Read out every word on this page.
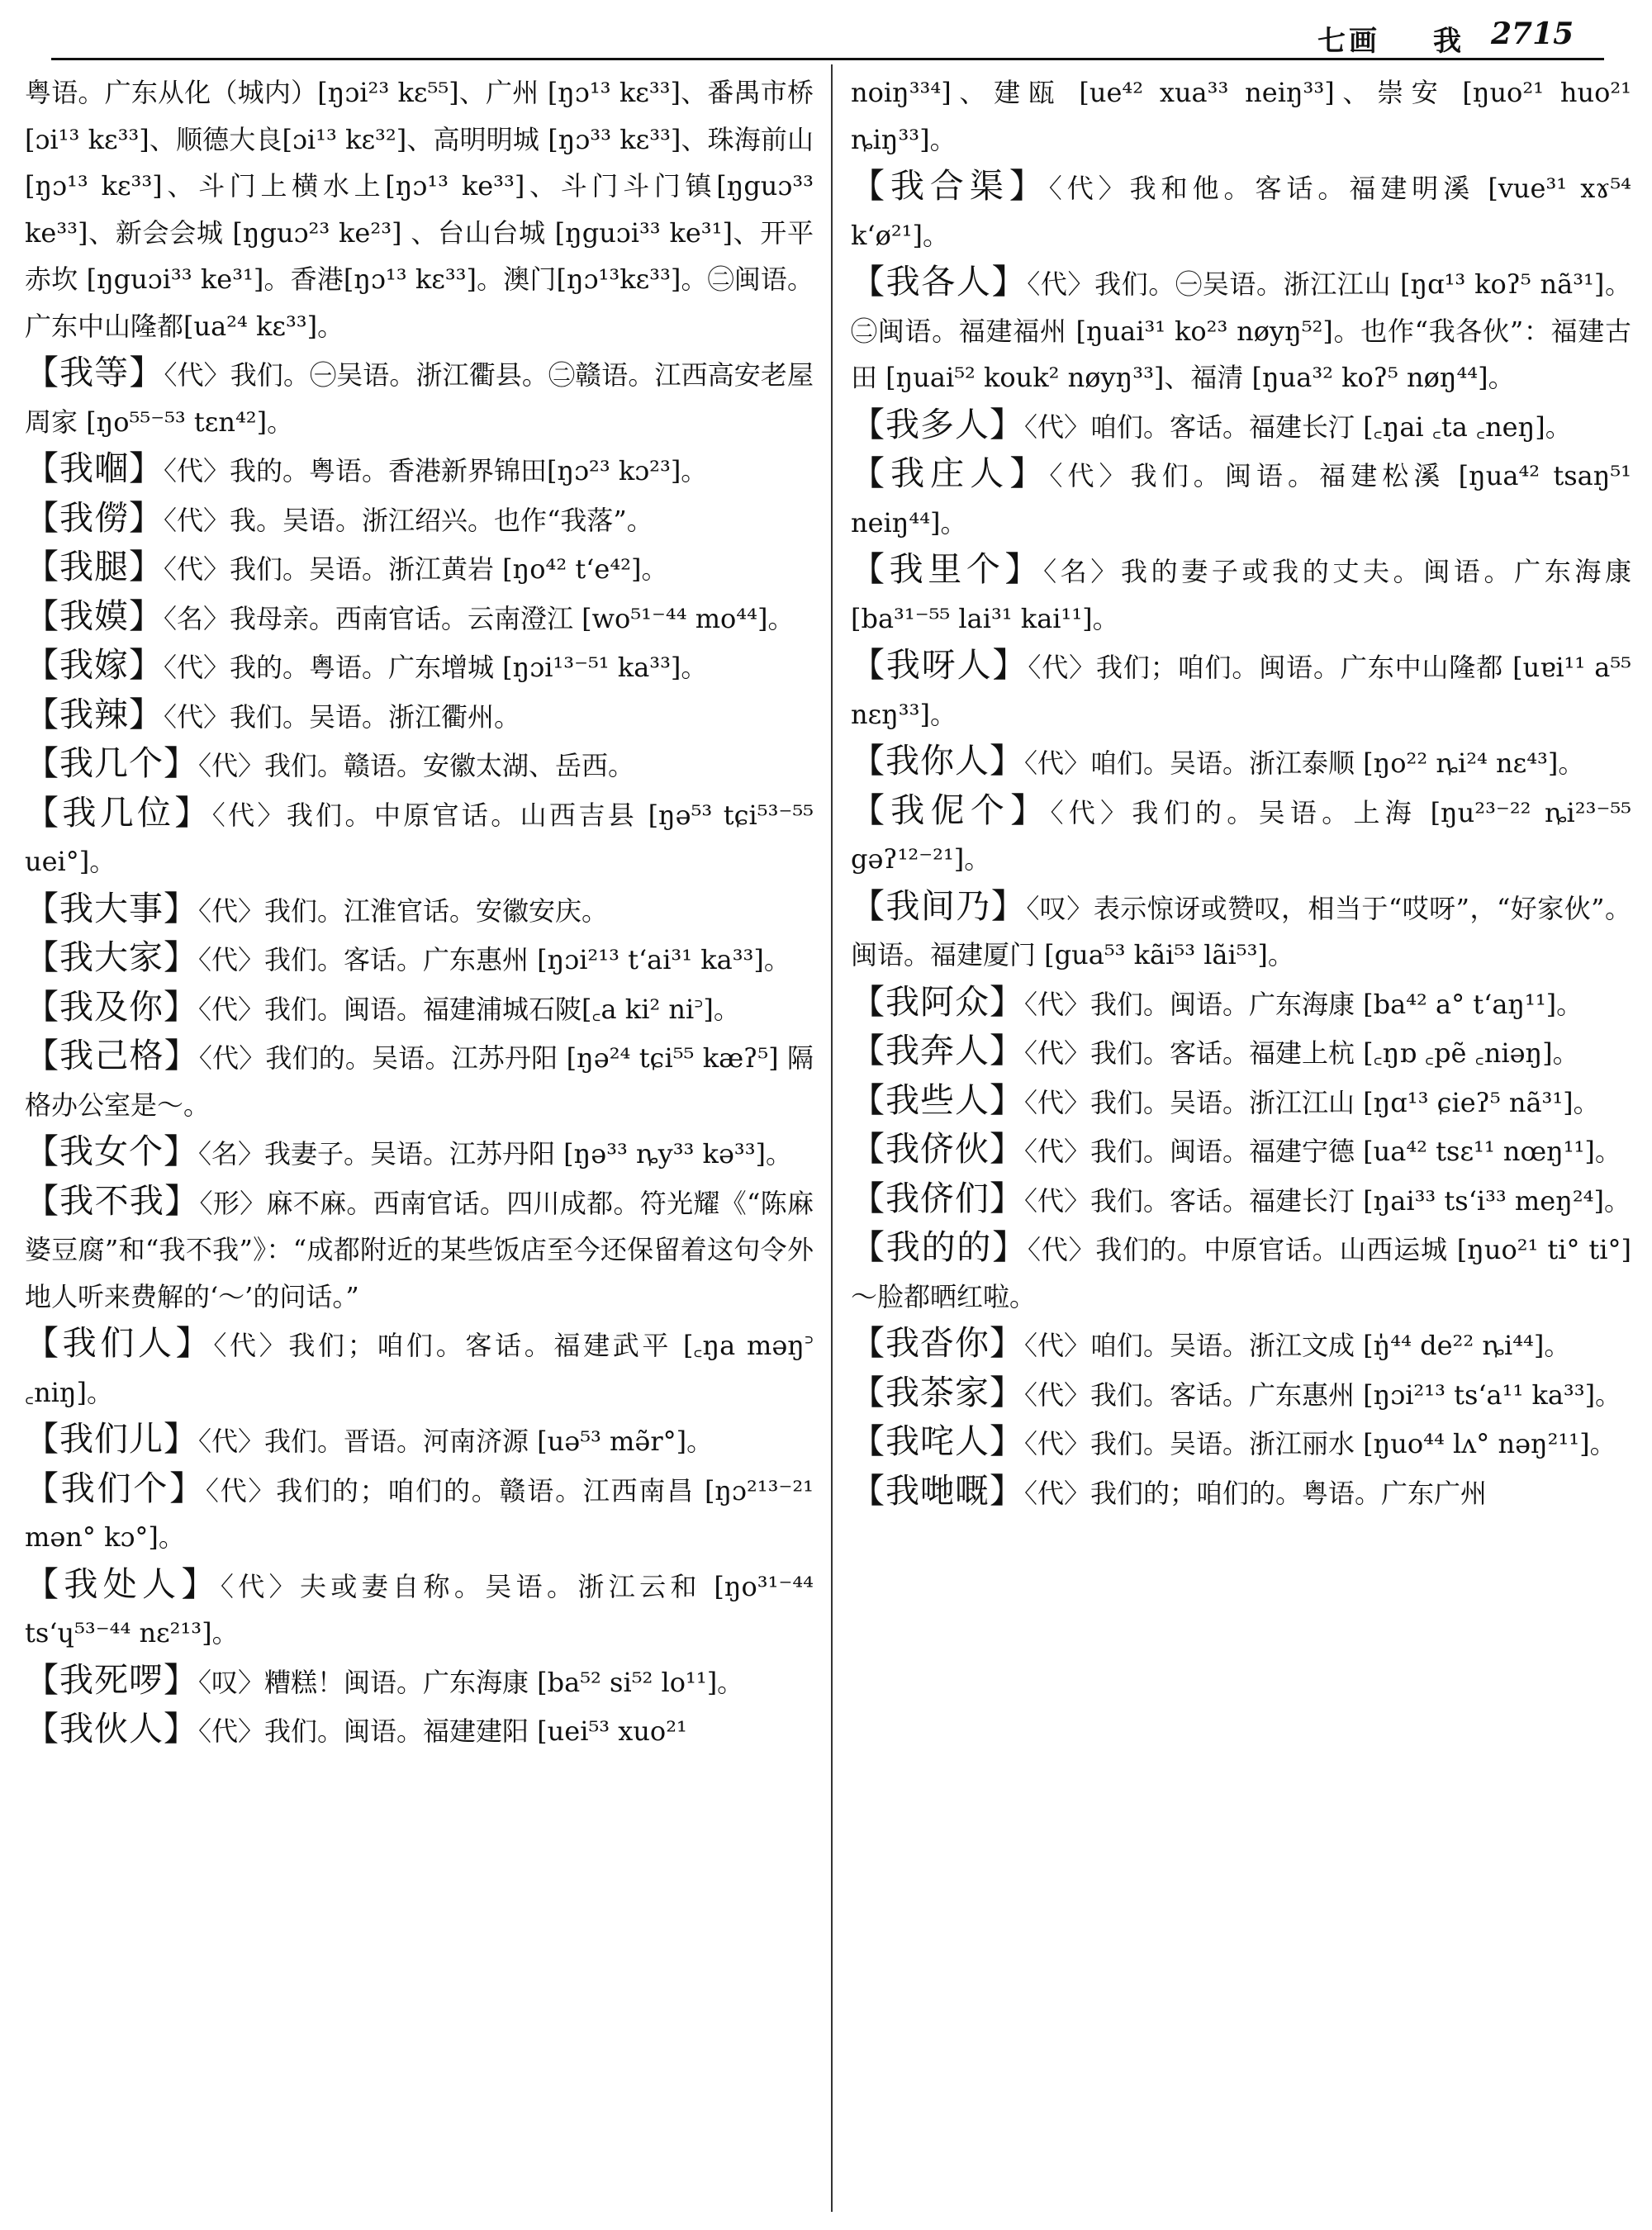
七画 我 2715

粤语。广东从化（城内）[ŋɔi²³ kɛ⁵⁵]、广州 [ŋɔ¹³ kɛ³³]、番禺市桥[ɔi¹³ kɛ³³]、顺德大良[ɔi¹³ kɛ³²]、高明明城 [ŋɔ³³ kɛ³³]、珠海前山 [ŋɔ¹³ kɛ³³]、斗门上横水上[ŋɔ¹³ ke³³]、斗门斗门镇[ŋguɔ³³ ke³³]、新会会城 [ŋguɔ²³ ke²³] 、台山台城 [ŋguɔi³³ ke³¹]、开平赤坎 [ŋguɔi³³ ke³¹]。香港[ŋɔ¹³ kɛ³³]。澳门[ŋɔ¹³kɛ³³]。㊁闽语。广东中山隆都[ua²⁴ kɛ³³]。

【我等】〈代〉我们。㊀吴语。浙江衢县。㊁赣语。江西高安老屋周家 [ŋo⁵⁵⁻⁵³ tɛn⁴²]。

【我嗰】〈代〉我的。粤语。香港新界锦田[ŋɔ²³ kɔ²³]。

【我僗】〈代〉我。吴语。浙江绍兴。也作“我落”。

【我腿】〈代〉我们。吴语。浙江黄岩 [ŋo⁴² t‘e⁴²]。

【我嫫】〈名〉我母亲。西南官话。云南澄江 [wo⁵¹⁻⁴⁴ mo⁴⁴]。

【我嫁】〈代〉我的。粤语。广东增城 [ŋɔi¹³⁻⁵¹ ka³³]。

【我辣】〈代〉我们。吴语。浙江衢州。

【我几个】〈代〉我们。赣语。安徽太湖、岳西。

【我几位】〈代〉我们。中原官话。山西吉县 [ŋə⁵³ tɕi⁵³⁻⁵⁵ uei°]。

【我大事】〈代〉我们。江淮官话。安徽安庆。

【我大家】〈代〉我们。客话。广东惠州 [ŋɔi²¹³ t‘ai³¹ ka³³]。

【我及你】〈代〉我们。闽语。福建浦城石陂[꜀a ki² ni꜄]。

【我己格】〈代〉我们的。吴语。江苏丹阳 [ŋə²⁴ tɕi⁵⁵ kæʔ⁵] 隔格办公室是～。

【我女个】〈名〉我妻子。吴语。江苏丹阳 [ŋə³³ ȵy³³ kə³³]。

【我不我】〈形〉麻不麻。西南官话。四川成都。符光耀《“陈麻婆豆腐”和“我不我”》：“成都附近的某些饭店至今还保留着这句令外地人听来费解的‘～’的问话。”

【我们人】〈代〉我们；咱们。客话。福建武平 [꜀ŋa məŋ꜄ ꜀niŋ]。

【我们儿】〈代〉我们。晋语。河南济源 [uə⁵³ mə̃r°]。

【我们个】〈代〉我们的；咱们的。赣语。江西南昌 [ŋɔ²¹³⁻²¹ mən° kɔ°]。

【我处人】〈代〉夫或妻自称。吴语。浙江云和 [ŋo³¹⁻⁴⁴ ts‘ɥ⁵³⁻⁴⁴ nɛ²¹³]。

【我死啰】〈叹〉糟糕！闽语。广东海康 [ba⁵² si⁵² lo¹¹]。

【我伙人】〈代〉我们。闽语。福建建阳 [uei⁵³ xuo²¹

noiŋ³³⁴]、建瓯 [ue⁴² xua³³ neiŋ³³]、崇安 [ŋuo²¹ huo²¹ ȵiŋ³³]。

【我合渠】〈代〉我和他。客话。福建明溪 [vue³¹ xɤ⁵⁴ k‘ø²¹]。

【我各人】〈代〉我们。㊀吴语。浙江江山 [ŋɑ¹³ koʔ⁵ nã³¹]。㊁闽语。福建福州 [ŋuai³¹ ko²³ nøyŋ⁵²]。也作“我各伙”：福建古田 [ŋuai⁵² kouk² nøyŋ³³]、福清 [ŋua³² koʔ⁵ nøŋ⁴⁴]。

【我多人】〈代〉咱们。客话。福建长汀 [꜀ŋai ꜀ta ꜀neŋ]。

【我庄人】〈代〉我们。闽语。福建松溪 [ŋua⁴² tsaŋ⁵¹ neiŋ⁴⁴]。

【我里个】〈名〉我的妻子或我的丈夫。闽语。广东海康 [ba³¹⁻⁵⁵ lai³¹ kai¹¹]。

【我呀人】〈代〉我们；咱们。闽语。广东中山隆都 [uɐi¹¹ a⁵⁵ nɛŋ³³]。

【我你人】〈代〉咱们。吴语。浙江泰顺 [ŋo²² ȵi²⁴ nɛ⁴³]。

【我伲个】〈代〉我们的。吴语。上海 [ŋu²³⁻²² ȵi²³⁻⁵⁵ gəʔ¹²⁻²¹]。

【我间乃】〈叹〉表示惊讶或赞叹，相当于“哎呀”，“好家伙”。闽语。福建厦门 [gua⁵³ kãi⁵³ lãi⁵³]。

【我阿众】〈代〉我们。闽语。广东海康 [ba⁴² a° t‘aŋ¹¹]。

【我奔人】〈代〉我们。客话。福建上杭 [꜀ŋɒ ꜀pẽ ꜀niəŋ]。

【我些人】〈代〉我们。吴语。浙江江山 [ŋɑ¹³ ɕieʔ⁵ nã³¹]。

【我侪伙】〈代〉我们。闽语。福建宁德 [ua⁴² tsɛ¹¹ nœŋ¹¹]。

【我侪们】〈代〉我们。客话。福建长汀 [ŋai³³ ts‘i³³ meŋ²⁴]。

【我的的】〈代〉我们的。中原官话。山西运城 [ŋuo²¹ ti° ti°]～脸都晒红啦。

【我沓你】〈代〉咱们。吴语。浙江文成 [ŋ̍⁴⁴ de²² ȵi⁴⁴]。

【我茶家】〈代〉我们。客话。广东惠州 [ŋɔi²¹³ ts‘a¹¹ ka³³]。

【我咤人】〈代〉我们。吴语。浙江丽水 [ŋuo⁴⁴ lʌ° nəŋ²¹¹]。

【我哋嘅】〈代〉我们的；咱们的。粤语。广东广州
